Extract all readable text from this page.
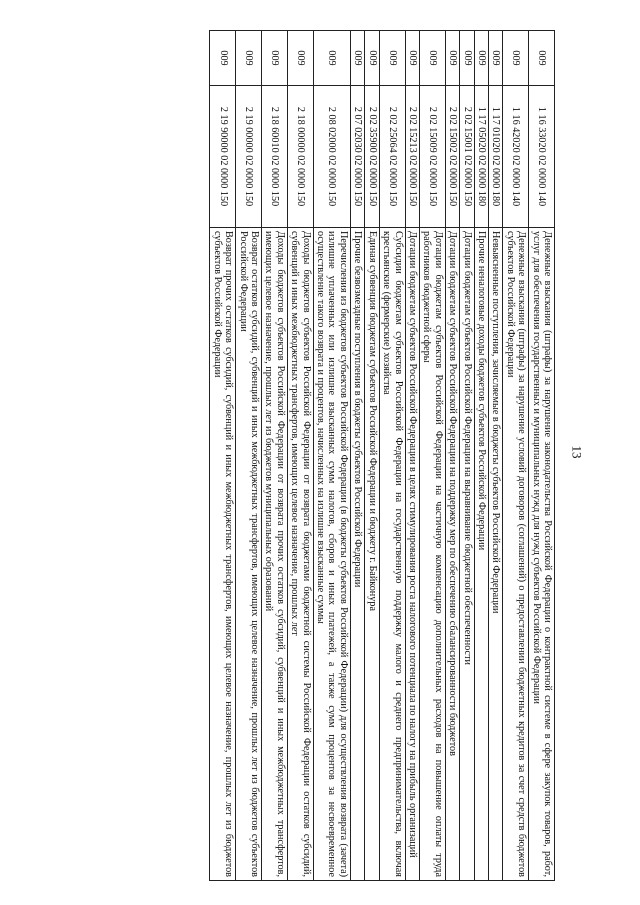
13
009	1 16 33020 02 0000 140	Денежные взыскания (штрафы) за нарушение законодательства Российской Федерации о контрактной системе в сфере закупок товаров, работ, услуг для обеспечения государственных и муниципальных нужд для нужд субъектов Российской Федерации
009	1 16 42020 02 0000 140	Денежные взыскания (штрафы) за нарушение условий договоров (соглашений) о предоставлении бюджетных кредитов за счет средств бюджетов субъектов Российской Федерации
009	1 17 01020 02 0000 180	Невыясненные поступления, зачисляемые в бюджеты субъектов Российской Федерации
009	1 17 05020 02 0000 180	Прочие неналоговые доходы бюджетов субъектов Российской Федерации
009	2 02 15001 02 0000 150	Дотации бюджетам субъектов Российской Федерации на выравнивание бюджетной обеспеченности
009	2 02 15002 02 0000 150	Дотации бюджетам субъектов Российской Федерации на поддержку мер по обеспечению сбалансированности бюджетов
009	2 02 15009 02 0000 150	Дотации бюджетам субъектов Российской Федерации на частичную компенсацию дополнительных расходов на повышение оплаты труда работников бюджетной сферы
009	2 02 15213 02 0000 150	Дотации бюджетам субъектов Российской Федерации в целях стимулирования роста налогового потенциала по налогу на прибыль организаций
009	2 02 25064 02 0000 150	Субсидии бюджетам субъектов Российской Федерации на государственную поддержку малого и среднего предпринимательства, включая крестьянские (фермерские) хозяйства
009	2 02 35900 02 0000 150	Единая субвенция бюджетам субъектов Российской Федерации и бюджету г. Байконура
009	2 07 02030 02 0000 150	Прочие безвозмездные поступления в бюджеты субъектов Российской Федерации
009	2 08 02000 02 0000 150	Перечисления из бюджетов субъектов Российской Федерации (в бюджеты субъектов Российской Федерации) для осуществления возврата (зачета) излишне уплаченных или излишне взысканных сумм налогов, сборов и иных платежей, а также сумм процентов за несвоевременное осуществление такого возврата и процентов, начисленных на излишне взысканные суммы
009	2 18 00000 02 0000 150	Доходы бюджетов субъектов Российской Федерации от возврата бюджетами бюджетной системы Российской Федерации остатков субсидий, субвенций и иных межбюджетных трансфертов, имеющих целевое назначение, прошлых лет
009	2 18 60010 02 0000 150	Доходы бюджетов субъектов Российской Федерации от возврата прочих остатков субсидий, субвенций и иных межбюджетных трансфертов, имеющих целевое назначение, прошлых лет из бюджетов муниципальных образований
009	2 19 00000 02 0000 150	Возврат остатков субсидий, субвенций и иных межбюджетных трансфертов, имеющих целевое назначение, прошлых лет из бюджетов субъектов Российской Федерации
009	2 19 90000 02 0000 150	Возврат прочих остатков субсидий, субвенций и иных межбюджетных трансфертов, имеющих целевое назначение, прошлых лет из бюджетов субъектов Российской Федерации
